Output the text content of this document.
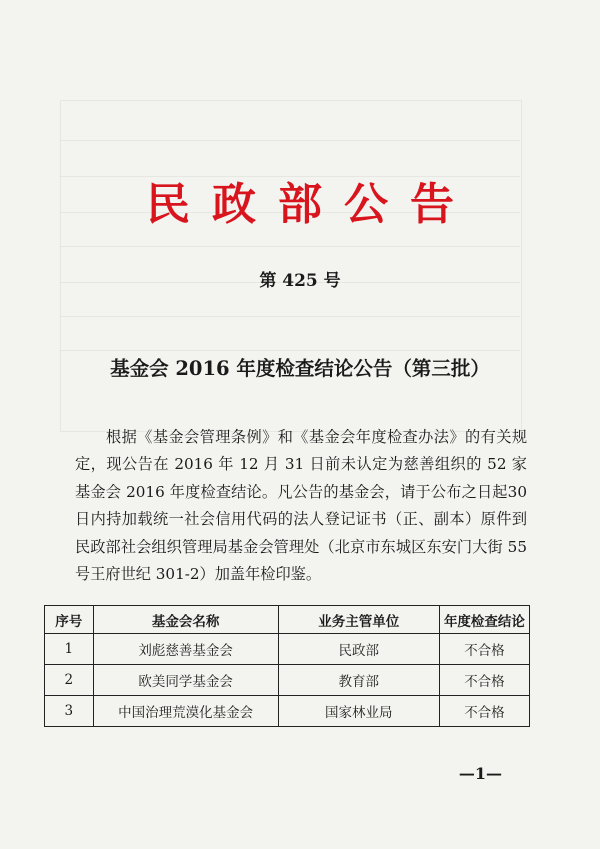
民政部公告
第 425 号
基金会 2016 年度检查结论公告（第三批）
根据《基金会管理条例》和《基金会年度检查办法》的有关规定，现公告在 2016 年 12 月 31 日前未认定为慈善组织的 52 家基金会 2016 年度检查结论。凡公告的基金会，请于公布之日起30 日内持加载统一社会信用代码的法人登记证书（正、副本）原件到民政部社会组织管理局基金会管理处（北京市东城区东安门大街 55 号王府世纪 301-2）加盖年检印鉴。
序号	基金会名称	业务主管单位	年度检查结论
1	刘彪慈善基金会	民政部	不合格
2	欧美同学基金会	教育部	不合格
3	中国治理荒漠化基金会	国家林业局	不合格
—1—
